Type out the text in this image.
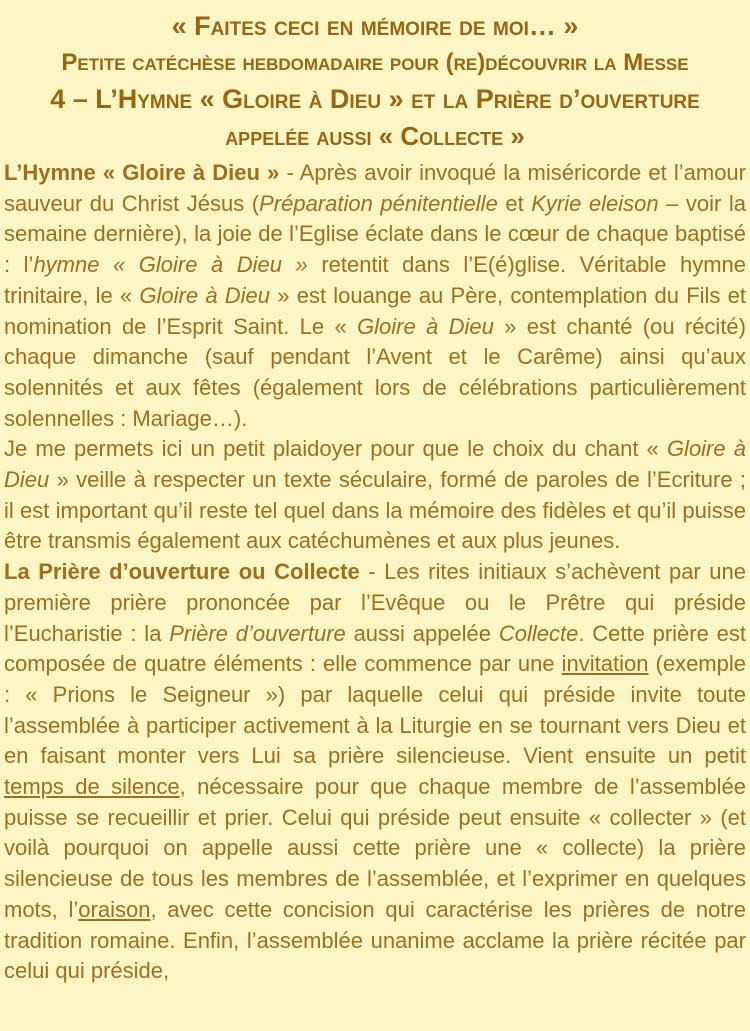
« Faites ceci en mémoire de moi… »
Petite catéchèse hebdomadaire pour (re)découvrir la Messe
4 – L’Hymne « Gloire à Dieu » et la Prière d’ouverture
appelée aussi « Collecte »

L’Hymne « Gloire à Dieu » - Après avoir invoqué la miséricorde et l’amour sauveur du Christ Jésus (Préparation pénitentielle et Kyrie eleison – voir la semaine dernière), la joie de l’Eglise éclate dans le cœur de chaque baptisé : l’hymne « Gloire à Dieu » retentit dans l’E(é)glise. Véritable hymne trinitaire, le « Gloire à Dieu » est louange au Père, contemplation du Fils et nomination de l’Esprit Saint. Le « Gloire à Dieu » est chanté (ou récité) chaque dimanche (sauf pendant l’Avent et le Carême) ainsi qu’aux solennités et aux fêtes (également lors de célébrations particulièrement solennelles : Mariage…).

Je me permets ici un petit plaidoyer pour que le choix du chant « Gloire à Dieu » veille à respecter un texte séculaire, formé de paroles de l’Ecriture ; il est important qu’il reste tel quel dans la mémoire des fidèles et qu’il puisse être transmis également aux catéchumènes et aux plus jeunes.

La Prière d’ouverture ou Collecte - Les rites initiaux s’achèvent par une première prière prononcée par l’Evêque ou le Prêtre qui préside l’Eucharistie : la Prière d’ouverture aussi appelée Collecte. Cette prière est composée de quatre éléments : elle commence par une invitation (exemple : « Prions le Seigneur ») par laquelle celui qui préside invite toute l’assemblée à participer activement à la Liturgie en se tournant vers Dieu et en faisant monter vers Lui sa prière silencieuse. Vient ensuite un petit temps de silence, nécessaire pour que chaque membre de l’assemblée puisse se recueillir et prier. Celui qui préside peut ensuite « collecter » (et voilà pourquoi on appelle aussi cette prière une « collecte) la prière silencieuse de tous les membres de l’assemblée, et l’exprimer en quelques mots, l’oraison, avec cette concision qui caractérise les prières de notre tradition romaine. Enfin, l’assemblée unanime acclame la prière récitée par celui qui préside,
